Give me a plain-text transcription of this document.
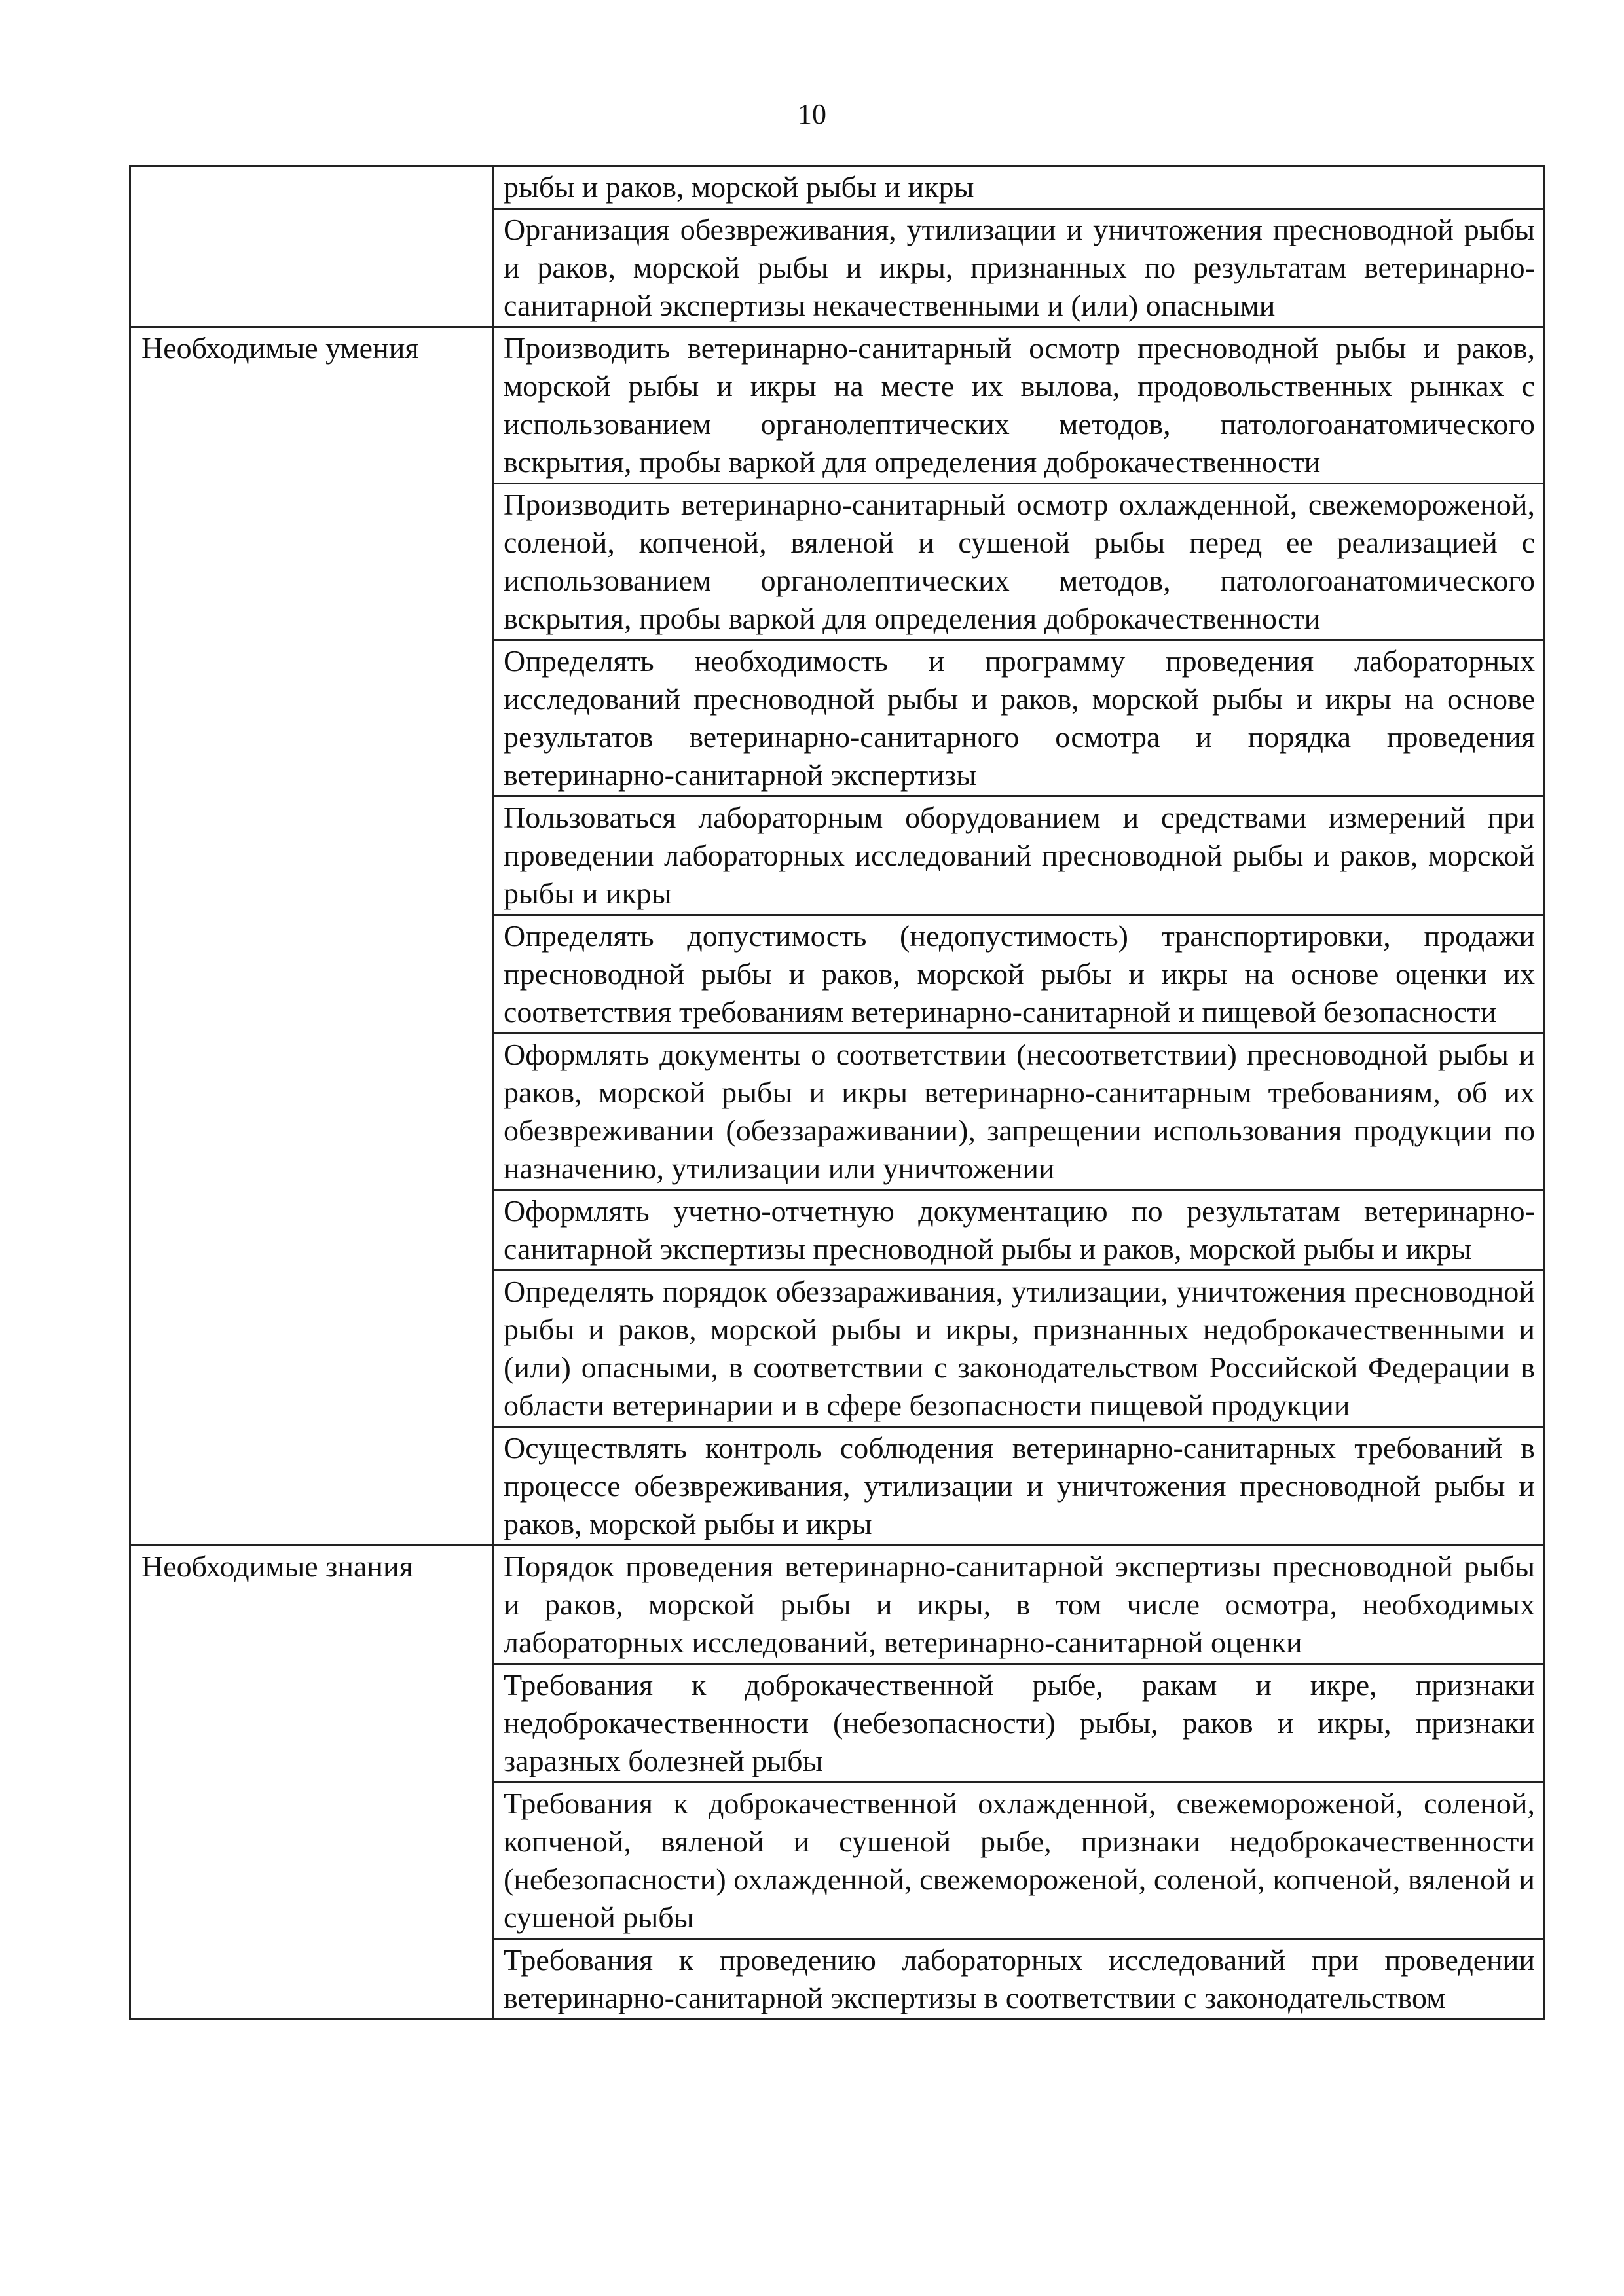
10
	рыбы и раков, морской рыбы и икры
	Организация обезвреживания, утилизации и уничтожения пресноводной рыбы и раков, морской рыбы и икры, признанных по результатам ветеринарно-санитарной экспертизы некачественными и (или) опасными
Необходимые умения	Производить ветеринарно-санитарный осмотр пресноводной рыбы и раков, морской рыбы и икры на месте их вылова, продовольственных рынках с использованием органолептических методов, патологоанатомического вскрытия, пробы варкой для определения доброкачественности
	Производить ветеринарно-санитарный осмотр охлажденной, свежемороженой, соленой, копченой, вяленой и сушеной рыбы перед ее реализацией с использованием органолептических методов, патологоанатомического вскрытия, пробы варкой для определения доброкачественности
	Определять необходимость и программу проведения лабораторных исследований пресноводной рыбы и раков, морской рыбы и икры на основе результатов ветеринарно-санитарного осмотра и порядка проведения ветеринарно-санитарной экспертизы
	Пользоваться лабораторным оборудованием и средствами измерений при проведении лабораторных исследований пресноводной рыбы и раков, морской рыбы и икры
	Определять допустимость (недопустимость) транспортировки, продажи пресноводной рыбы и раков, морской рыбы и икры на основе оценки их соответствия требованиям ветеринарно-санитарной и пищевой безопасности
	Оформлять документы о соответствии (несоответствии) пресноводной рыбы и раков, морской рыбы и икры ветеринарно-санитарным требованиям, об их обезвреживании (обеззараживании), запрещении использования продукции по назначению, утилизации или уничтожении
	Оформлять учетно-отчетную документацию по результатам ветеринарно-санитарной экспертизы пресноводной рыбы и раков, морской рыбы и икры
	Определять порядок обеззараживания, утилизации, уничтожения пресноводной рыбы и раков, морской рыбы и икры, признанных недоброкачественными и (или) опасными, в соответствии с законодательством Российской Федерации в области ветеринарии и в сфере безопасности пищевой продукции
	Осуществлять контроль соблюдения ветеринарно-санитарных требований в процессе обезвреживания, утилизации и уничтожения пресноводной рыбы и раков, морской рыбы и икры
Необходимые знания	Порядок проведения ветеринарно-санитарной экспертизы пресноводной рыбы и раков, морской рыбы и икры, в том числе осмотра, необходимых лабораторных исследований, ветеринарно-санитарной оценки
	Требования к доброкачественной рыбе, ракам и икре, признаки недоброкачественности (небезопасности) рыбы, раков и икры, признаки заразных болезней рыбы
	Требования к доброкачественной охлажденной, свежемороженой, соленой, копченой, вяленой и сушеной рыбе, признаки недоброкачественности (небезопасности) охлажденной, свежемороженой, соленой, копченой, вяленой и сушеной рыбы
	Требования к проведению лабораторных исследований при проведении ветеринарно-санитарной экспертизы в соответствии с законодательством
